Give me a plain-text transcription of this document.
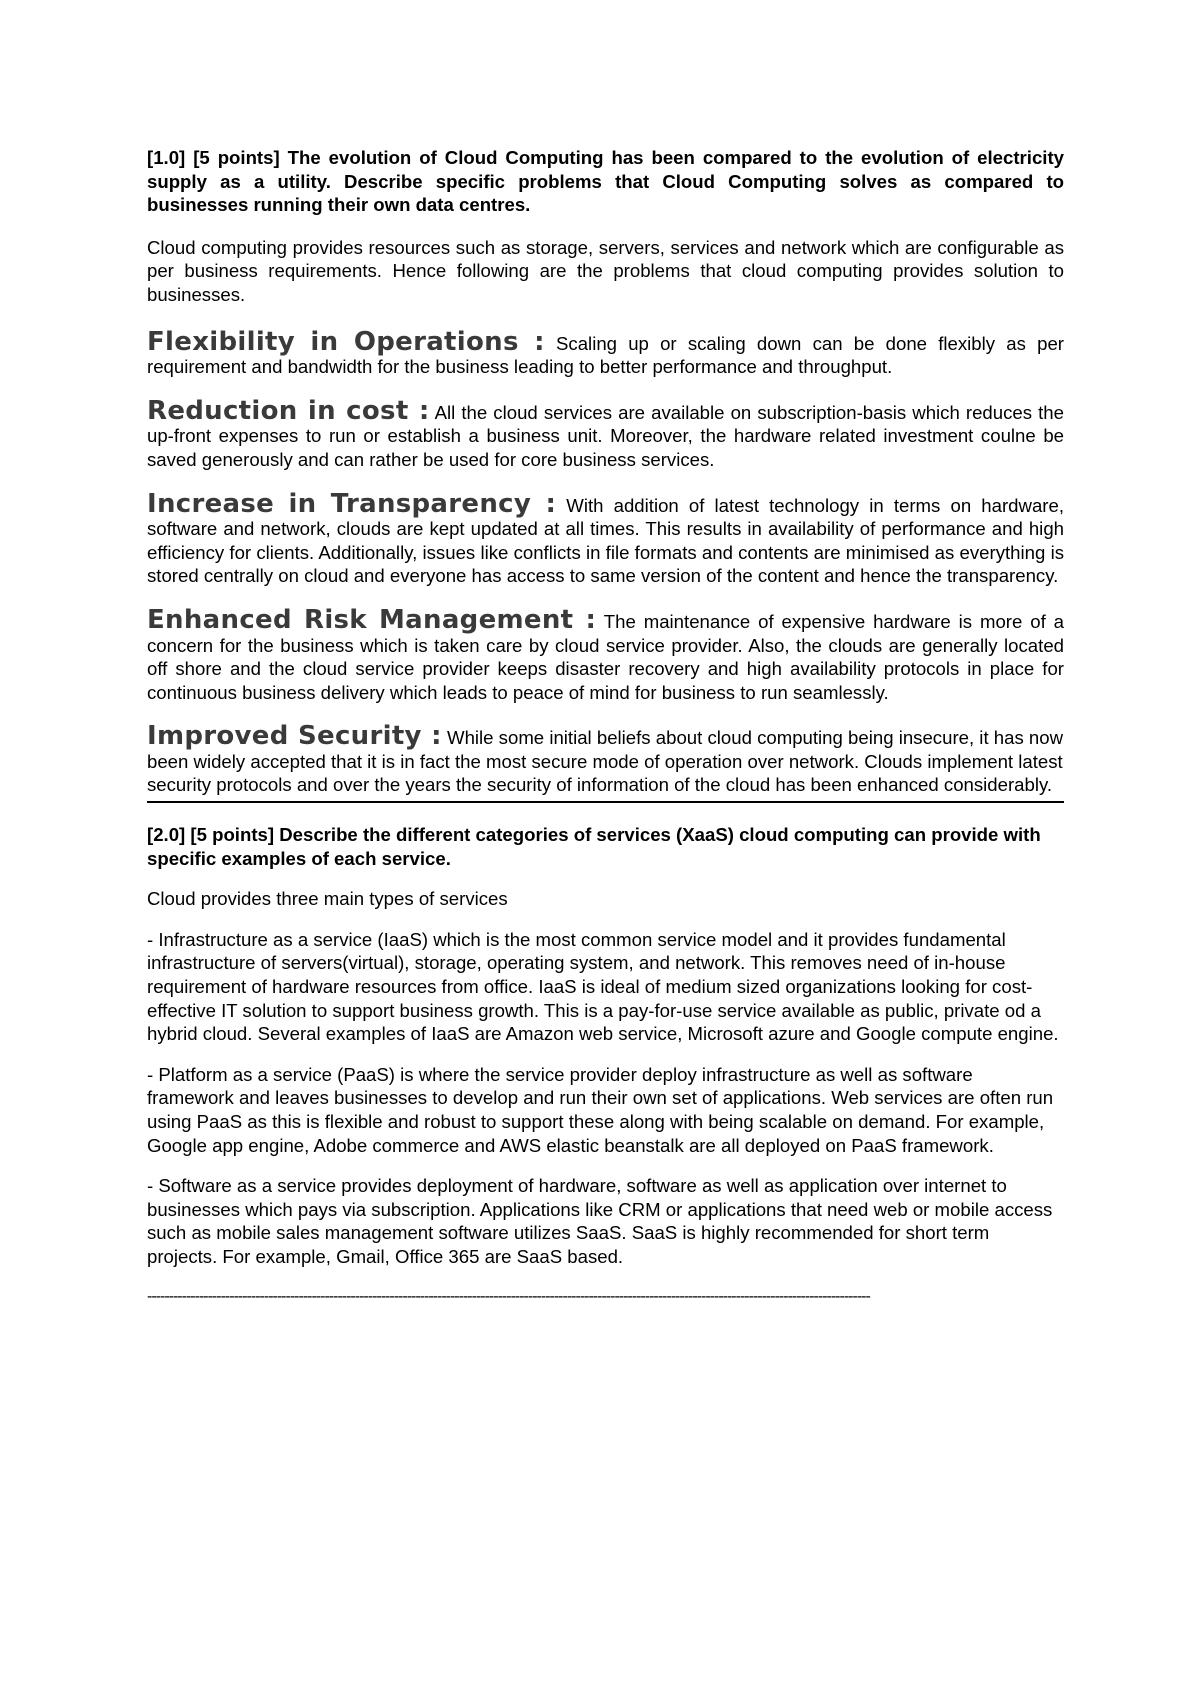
[1.0] [5 points] The evolution of Cloud Computing has been compared to the evolution of electricity supply as a utility. Describe specific problems that Cloud Computing solves as compared to businesses running their own data centres.

Cloud computing provides resources such as storage, servers, services and network which are configurable as per business requirements. Hence following are the problems that cloud computing provides solution to businesses.

Flexibility in Operations : Scaling up or scaling down can be done flexibly as per requirement and bandwidth for the business leading to better performance and throughput.

Reduction in cost : All the cloud services are available on subscription-basis which reduces the up-front expenses to run or establish a business unit. Moreover, the hardware related investment coulne be saved generously and can rather be used for core business services.

Increase in Transparency : With addition of latest technology in terms on hardware, software and network, clouds are kept updated at all times. This results in availability of performance and high efficiency for clients. Additionally, issues like conflicts in file formats and contents are minimised as everything is stored centrally on cloud and everyone has access to same version of the content and hence the transparency.

Enhanced Risk Management : The maintenance of expensive hardware is more of a concern for the business which is taken care by cloud service provider. Also, the clouds are generally located off shore and the cloud service provider keeps disaster recovery and high availability protocols in place for continuous business delivery which leads to peace of mind for business to run seamlessly.

Improved Security : While some initial beliefs about cloud computing being insecure, it has now been widely accepted that it is in fact the most secure mode of operation over network. Clouds implement latest security protocols and over the years the security of information of the cloud has been enhanced considerably.

[2.0] [5 points] Describe the different categories of services (XaaS) cloud computing can provide with specific examples of each service.

Cloud provides three main types of services

- Infrastructure as a service (IaaS) which is the most common service model and it provides fundamental infrastructure of servers(virtual), storage, operating system, and network. This removes need of in-house requirement of hardware resources from office. IaaS is ideal of medium sized organizations looking for cost-effective IT solution to support business growth. This is a pay-for-use service available as public, private od a hybrid cloud. Several examples of IaaS are Amazon web service, Microsoft azure and Google compute engine.

- Platform as a service (PaaS) is where the service provider deploy infrastructure as well as software framework and leaves businesses to develop and run their own set of applications. Web services are often run using PaaS as this is flexible and robust to support these along with being scalable on demand. For example, Google app engine, Adobe commerce and AWS elastic beanstalk are all deployed on PaaS framework.

- Software as a service provides deployment of hardware, software as well as application over internet to businesses which pays via subscription. Applications like CRM or applications that need web or mobile access such as mobile sales management software utilizes SaaS. SaaS is highly recommended for short term projects. For example, Gmail, Office 365 are SaaS based.

-----------------------------------------------------------------------------------------------------------------------------------------------------------------------
